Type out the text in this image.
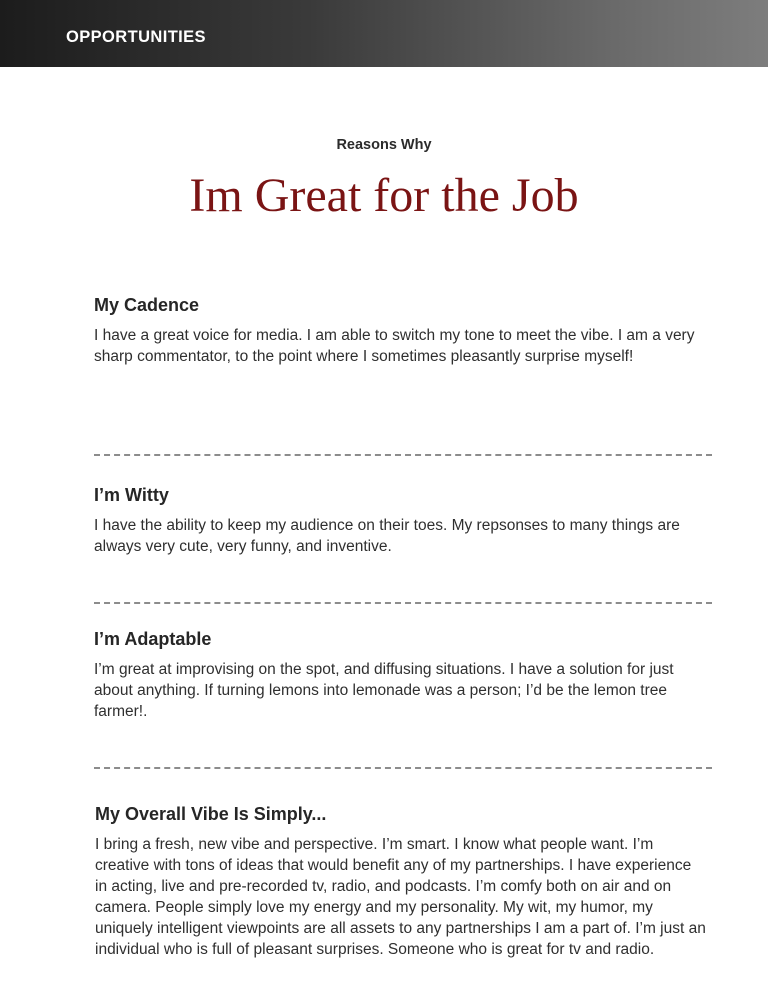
OPPORTUNITIES
Reasons Why
Im Great for the Job
My Cadence

I have a great voice for media. I am able to switch my tone to meet the vibe. I am a very sharp commentator, to the point where I sometimes pleasantly surprise myself!

I’m Witty

I have the ability to keep my audience on their toes. My repsonses to many things are always very cute, very funny, and inventive.

I’m Adaptable

I’m great at improvising on the spot, and diffusing situations. I have a solution for just about anything. If turning lemons into lemonade was a person; I’d be the lemon tree farmer!.

My Overall Vibe Is Simply...

I bring a fresh, new vibe and perspective. I’m smart. I know what people want. I’m creative with tons of ideas that would benefit any of my partnerships. I have experience in acting, live and pre-recorded tv, radio, and podcasts. I’m comfy both on air and on camera. People simply love my energy and my personality. My wit, my humor, my uniquely intelligent viewpoints are all assets to any partnerships I am a part of. I’m just an individual who is full of pleasant surprises. Someone who is great for tv and radio.
